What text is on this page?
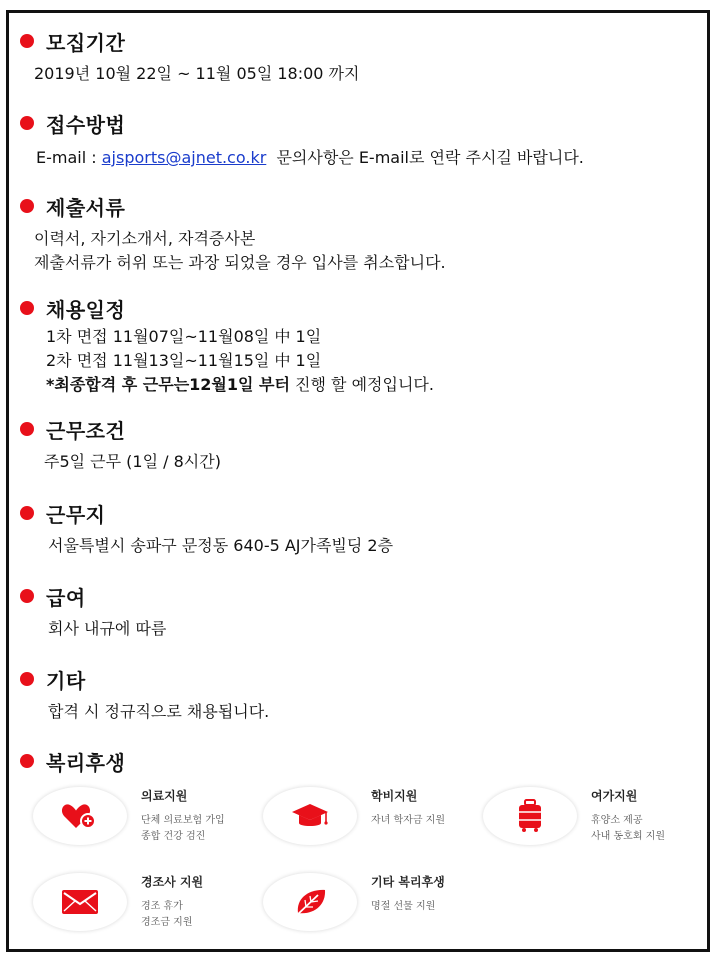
모집기간
2019년 10월 22일 ~ 11월 05일 18:00 까지
접수방법
E-mail : ajsports@ajnet.co.kr 문의사항은 E-mail로 연락 주시길 바랍니다.
제출서류
이력서, 자기소개서, 자격증사본
제출서류가 허위 또는 과장 되었을 경우 입사를 취소합니다.
채용일정
1차 면접 11월07일~11월08일 中 1일
2차 면접 11월13일~11월15일 中 1일
*최종합격 후 근무는12월1일 부터 진행 할 예정입니다.
근무조건
주5일 근무 (1일 / 8시간)
근무지
서울특별시 송파구 문정동 640-5 AJ가족빌딩 2층
급여
회사 내규에 따름
기타
합격 시 정규직으로 채용됩니다.
복리후생
의료지원
단체 의료보험 가입
종합 건강 검진
학비지원
자녀 학자금 지원
여가지원
휴양소 제공
사내 동호회 지원
경조사 지원
경조 휴가
경조금 지원
기타 복리후생
명절 선물 지원
